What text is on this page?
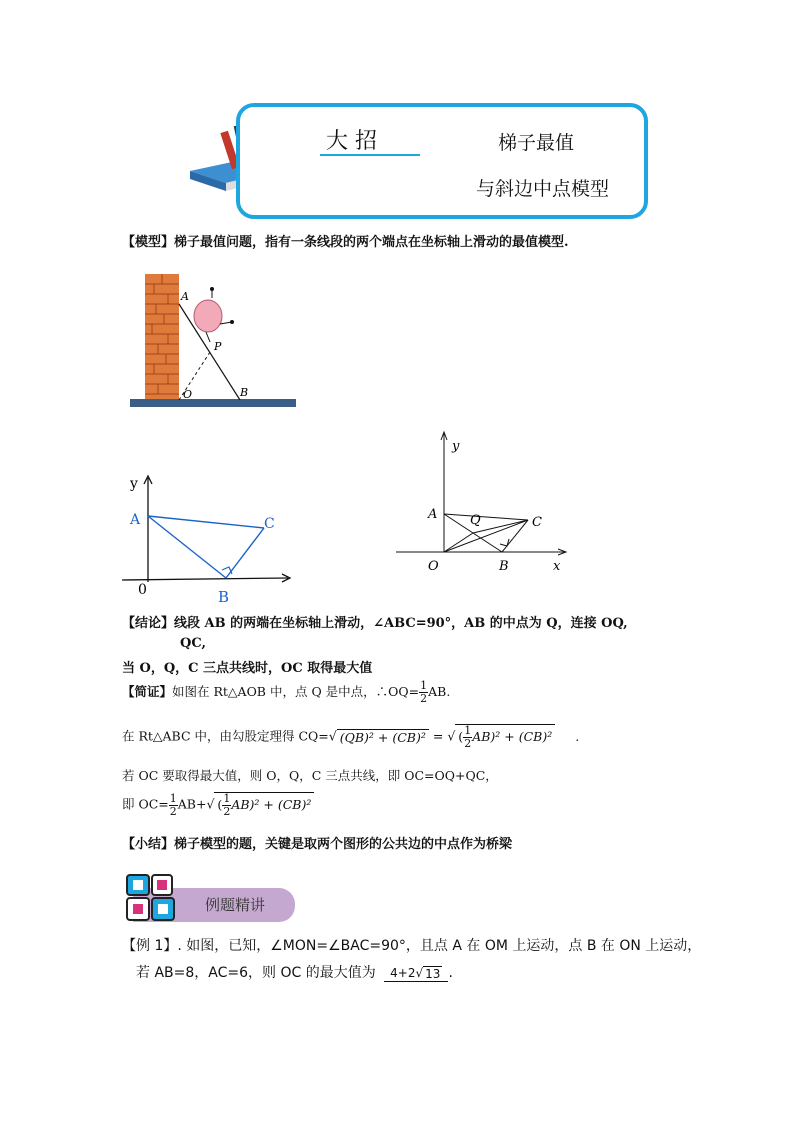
大 招	梯子最值
与斜边中点模型
【模型】梯子最值问题，指有一条线段的两个端点在坐标轴上滑动的最值模型.
A
P
O	B
y
A	C
0	B
y
A	Q	C
O	B	x
【结论】线段 AB 的两端在坐标轴上滑动，∠ABC=90°，AB 的中点为 Q，连接 OQ,
QC,
当 O，Q，C 三点共线时，OC 取得最大值
【简证】如图在 Rt△AOB 中，点 Q 是中点，∴OQ= $\frac{1}{2}$ AB.
在 Rt△ABC 中，由勾股定理得 CQ=√ (QB)² + (CB)² = √ ( $\frac{1}{2} AB)^2 + (CB)^2$ .
若 OC 要取得最大值，则 O，Q，C 三点共线，即 OC=OQ+QC，
即 $OC= \frac{1}{2} AB+√$ ( $\frac{1}{2} AB)^2 + (CB)^2$
【小结】梯子模型的题，关键是取两个图形的公共边的中点作为桥梁
例题精讲
【例 1】. 如图，已知，∠MON=∠BAC=90°，且点 A 在 OM 上运动，点 B 在 ON 上运动，
若 AB=8，AC=6，则 OC 的最大值为 4+2√ 13 .
